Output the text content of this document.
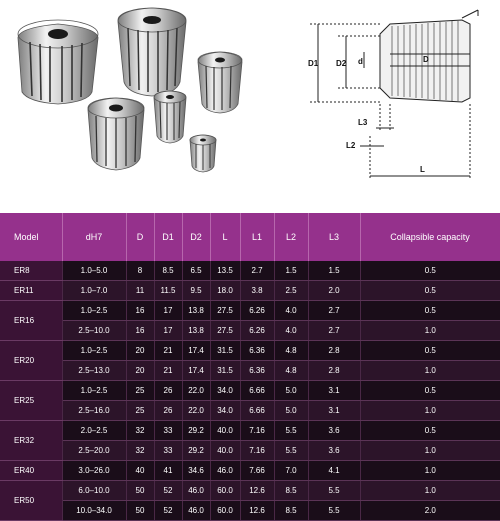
D1 D2 d	D
L3
L2
L
Model	dH7	D	D1	D2	L	L1	L2	L3	Collapsible capacity
ER8	1.0–5.0	8	8.5	6.5	13.5	2.7	1.5	1.5	0.5
ER11	1.0–7.0	11	11.5	9.5	18.0	3.8	2.5	2.0	0.5
ER16	1.0–2.5	16	17	13.8	27.5	6.26	4.0	2.7	0.5
	2.5–10.0	16	17	13.8	27.5	6.26	4.0	2.7	1.0
ER20	1.0–2.5	20	21	17.4	31.5	6.36	4.8	2.8	0.5
	2.5–13.0	20	21	17.4	31.5	6.36	4.8	2.8	1.0
ER25	1.0–2.5	25	26	22.0	34.0	6.66	5.0	3.1	0.5
	2.5–16.0	25	26	22.0	34.0	6.66	5.0	3.1	1.0
ER32	2.0–2.5	32	33	29.2	40.0	7.16	5.5	3.6	0.5
	2.5–20.0	32	33	29.2	40.0	7.16	5.5	3.6	1.0
ER40	3.0–26.0	40	41	34.6	46.0	7.66	7.0	4.1	1.0
ER50	6.0–10.0	50	52	46.0	60.0	12.6	8.5	5.5	1.0
	10.0–34.0	50	52	46.0	60.0	12.6	8.5	5.5	2.0
